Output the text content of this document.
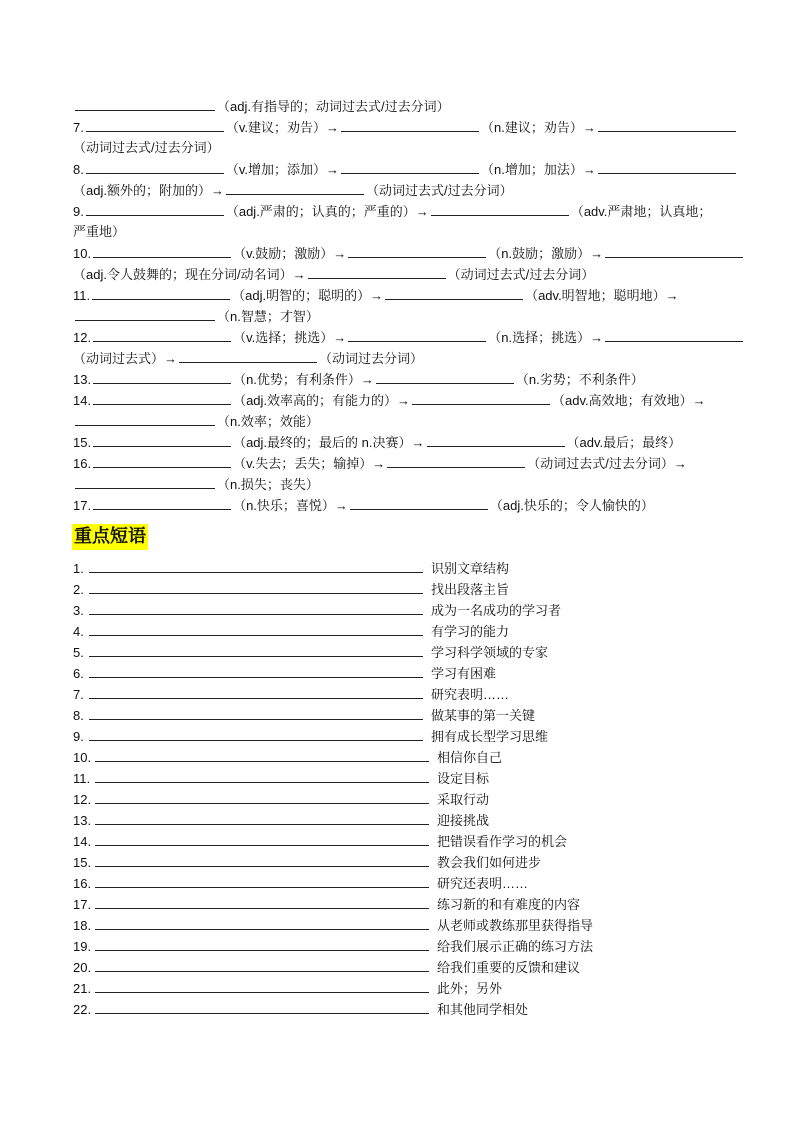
（adj.有指导的；动词过去式/过去分词）
7.	（v.建议；劝告）→	（n.建议；劝告）→
（动词过去式/过去分词）
8.	（v.增加；添加）→	（n.增加；加法）→
（adj.额外的；附加的）→	（动词过去式/过去分词）
9.	（adj.严肃的；认真的；严重的）→	（adv.严肃地；认真地；
严重地）
10.	（v.鼓励；激励）→	（n.鼓励；激励）→
（adj.令人鼓舞的；现在分词/动名词）→	（动词过去式/过去分词）
11.	（adj.明智的；聪明的）→	（adv.明智地；聪明地）→
（n.智慧；才智）
12.	（v.选择；挑选）→	（n.选择；挑选）→
（动词过去式）→	（动词过去分词）
13.	（n.优势；有利条件）→	（n.劣势；不利条件）
14.	（adj.效率高的；有能力的）→	（adv.高效地；有效地）→
（n.效率；效能）
15.	（adj.最终的；最后的 n.决赛）→	（adv.最后；最终）
16.	（v.失去；丢失；输掉）→	（动词过去式/过去分词）→
（n.损失；丧失）
17.	（n.快乐；喜悦）→	（adj.快乐的；令人愉快的）
重点短语
1.	识别文章结构
2.	找出段落主旨
3.	成为一名成功的学习者
4.	有学习的能力
5.	学习科学领域的专家
6.	学习有困难
7.	研究表明……
8.	做某事的第一关键
9.	拥有成长型学习思维
10.	相信你自己
11.	设定目标
12.	采取行动
13.	迎接挑战
14.	把错误看作学习的机会
15.	教会我们如何进步
16.	研究还表明……
17.	练习新的和有难度的内容
18.	从老师或教练那里获得指导
19.	给我们展示正确的练习方法
20.	给我们重要的反馈和建议
21.	此外；另外
22.	和其他同学相处
